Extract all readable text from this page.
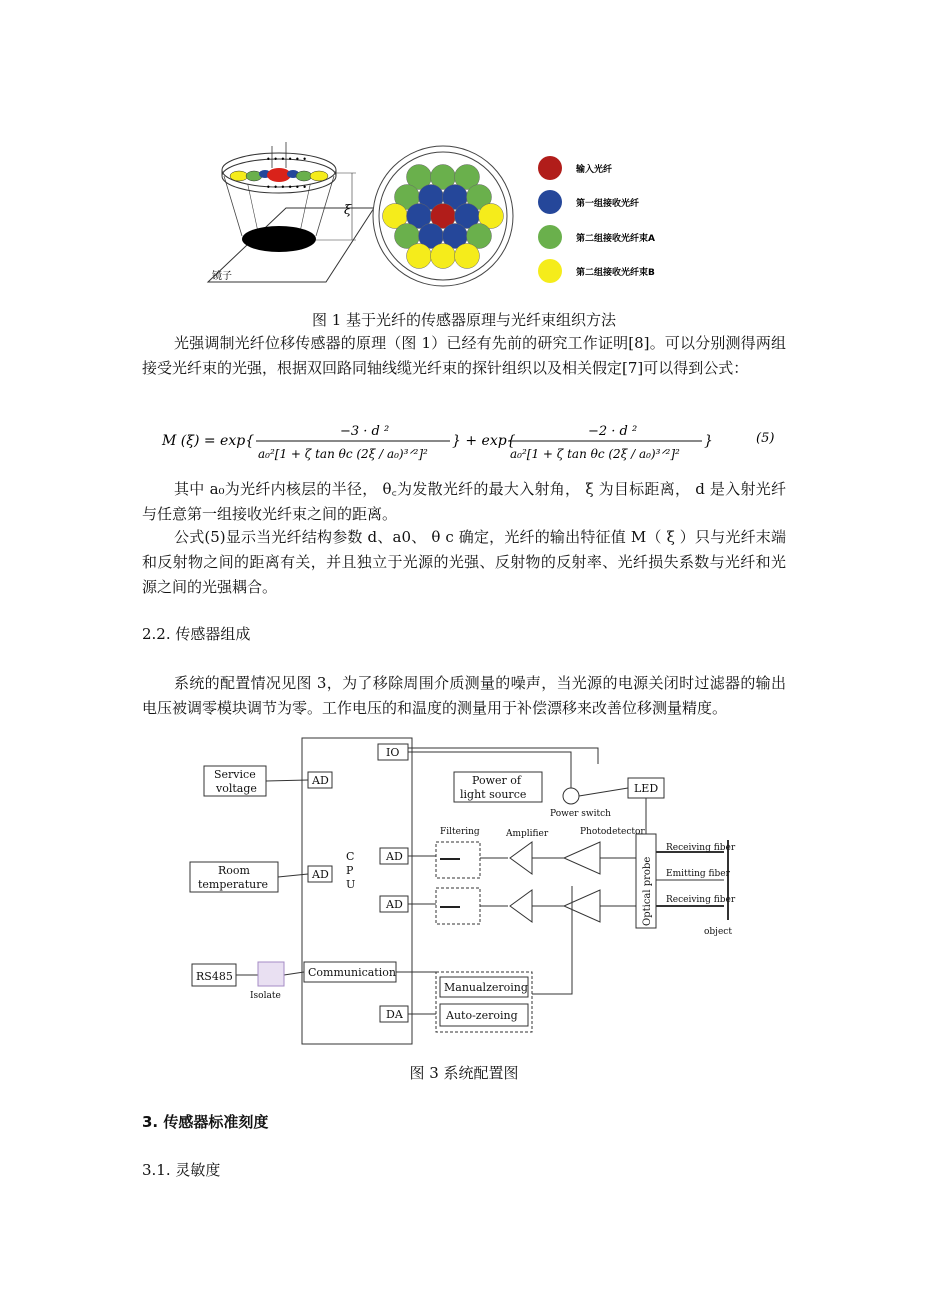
• • • • • •
• • • • • •
ξ
镜子
输入光纤
第一组接收光纤
第二组接收光纤束A
第二组接收光纤束B
图 1 基于光纤的传感器原理与光纤束组织方法
光强调制光纤位移传感器的原理（图 1）已经有先前的研究工作证明[8]。可以分别测得两组接受光纤束的光强，根据双回路同轴线缆光纤束的探针组织以及相关假定[7]可以得到公式：
M (ξ) = exp{
−3 · d ²
a₀²[1 + ζ tan θc (2ξ / a₀)³ᐟ²]²
} + exp{
−2 · d ²
a₀²[1 + ζ tan θc (2ξ / a₀)³ᐟ²]²
}	(5)
其中 a₀为光纤内核层的半径， θ꜀为发散光纤的最大入射角， ξ 为目标距离， d 是入射光纤与任意第一组接收光纤束之间的距离。
公式(5)显示当光纤结构参数 d、a0、 θ c 确定，光纤的输出特征值 M（ ξ ）只与光纤末端和反射物之间的距离有关，并且独立于光源的光强、反射物的反射率、光纤损失系数与光纤和光源之间的光强耦合。
2.2. 传感器组成
系统的配置情况见图 3，为了移除周围介质测量的噪声，当光源的电源关闭时过滤器的输出电压被调零模块调节为零。工作电压的和温度的测量用于补偿漂移来改善位移测量精度。
Service
voltage
Room
temperature
RS485
Isolate
C
P
U
IO
AD
AD
AD
AD
Communication
DA
Power of
light source
Power switch
LED
Filtering	Amplifier	Photodetector
Receiving fiber
Emitting fiber
Receiving fiber
object
Manualzeroing
Auto-zeroing
Optical probe
图 3 系统配置图
3. 传感器标准刻度
3.1. 灵敏度
